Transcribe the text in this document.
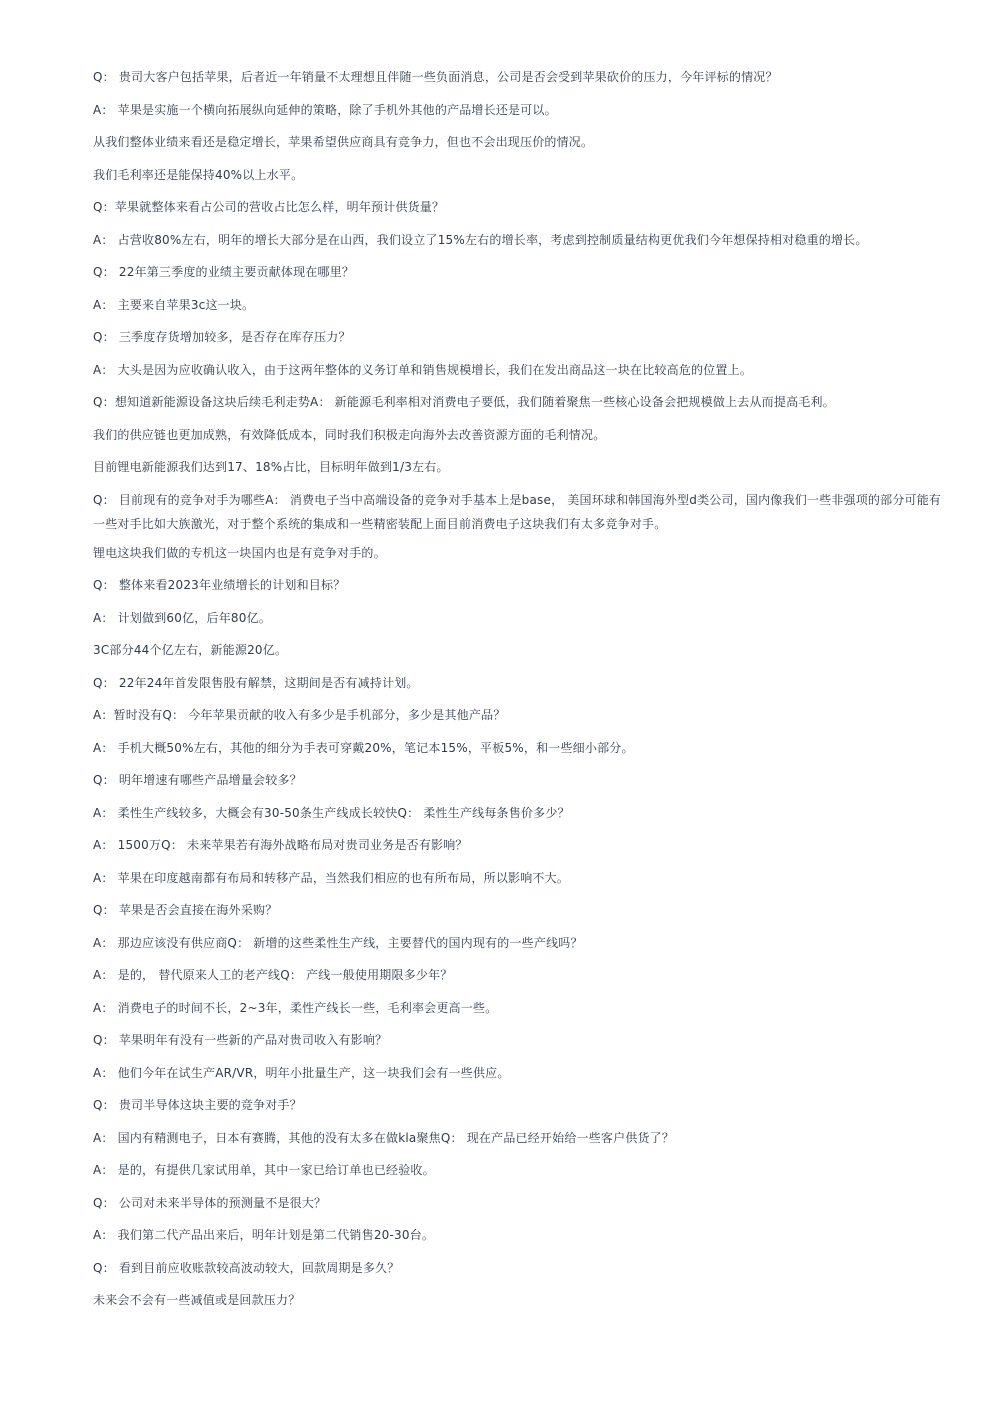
Q： 贵司大客户包括苹果，后者近一年销量不太理想且伴随一些负面消息，公司是否会受到苹果砍价的压力，今年评标的情况？

A： 苹果是实施一个横向拓展纵向延伸的策略，除了手机外其他的产品增长还是可以。

从我们整体业绩来看还是稳定增长，苹果希望供应商具有竞争力，但也不会出现压价的情况。

我们毛利率还是能保持40%以上水平。

Q：苹果就整体来看占公司的营收占比怎么样，明年预计供货量？

A： 占营收80%左右，明年的增长大部分是在山西，我们设立了15%左右的增长率，考虑到控制质量结构更优我们今年想保持相对稳重的增长。

Q： 22年第三季度的业绩主要贡献体现在哪里？

A： 主要来自苹果3c这一块。

Q： 三季度存货增加较多，是否存在库存压力？

A： 大头是因为应收确认收入，由于这两年整体的义务订单和销售规模增长，我们在发出商品这一块在比较高危的位置上。

Q：想知道新能源设备这块后续毛利走势A： 新能源毛利率相对消费电子要低，我们随着聚焦一些核心设备会把规模做上去从而提高毛利。

我们的供应链也更加成熟，有效降低成本，同时我们积极走向海外去改善资源方面的毛利情况。

目前锂电新能源我们达到17、18%占比，目标明年做到1/3左右。

Q： 目前现有的竞争对手为哪些A： 消费电子当中高端设备的竞争对手基本上是base， 美国环球和韩国海外型d类公司，国内像我们一些非强项的部分可能有一些对手比如大族激光，对于整个系统的集成和一些精密装配上面目前消费电子这块我们有太多竞争对手。

锂电这块我们做的专机这一块国内也是有竞争对手的。

Q： 整体来看2023年业绩增长的计划和目标？

A： 计划做到60亿，后年80亿。

3C部分44个亿左右，新能源20亿。

Q： 22年24年首发限售股有解禁，这期间是否有减持计划。

A：暂时没有Q： 今年苹果贡献的收入有多少是手机部分，多少是其他产品？

A： 手机大概50%左右，其他的细分为手表可穿戴20%，笔记本15%，平板5%，和一些细小部分。

Q： 明年增速有哪些产品增量会较多？

A： 柔性生产线较多，大概会有30-50条生产线成长较快Q： 柔性生产线每条售价多少？

A： 1500万Q： 未来苹果若有海外战略布局对贵司业务是否有影响？

A： 苹果在印度越南都有布局和转移产品，当然我们相应的也有所布局，所以影响不大。

Q： 苹果是否会直接在海外采购？

A： 那边应该没有供应商Q： 新增的这些柔性生产线，主要替代的国内现有的一些产线吗？

A： 是的， 替代原来人工的老产线Q： 产线一般使用期限多少年？

A： 消费电子的时间不长，2~3年，柔性产线长一些，毛利率会更高一些。

Q： 苹果明年有没有一些新的产品对贵司收入有影响？

A： 他们今年在试生产AR/VR，明年小批量生产，这一块我们会有一些供应。

Q： 贵司半导体这块主要的竞争对手？

A： 国内有精测电子，日本有赛腾，其他的没有太多在做kla聚焦Q： 现在产品已经开始给一些客户供货了？

A： 是的，有提供几家试用单，其中一家已给订单也已经验收。

Q： 公司对未来半导体的预测量不是很大？

A： 我们第二代产品出来后，明年计划是第二代销售20-30台。

Q： 看到目前应收账款较高波动较大，回款周期是多久？

未来会不会有一些减值或是回款压力？
